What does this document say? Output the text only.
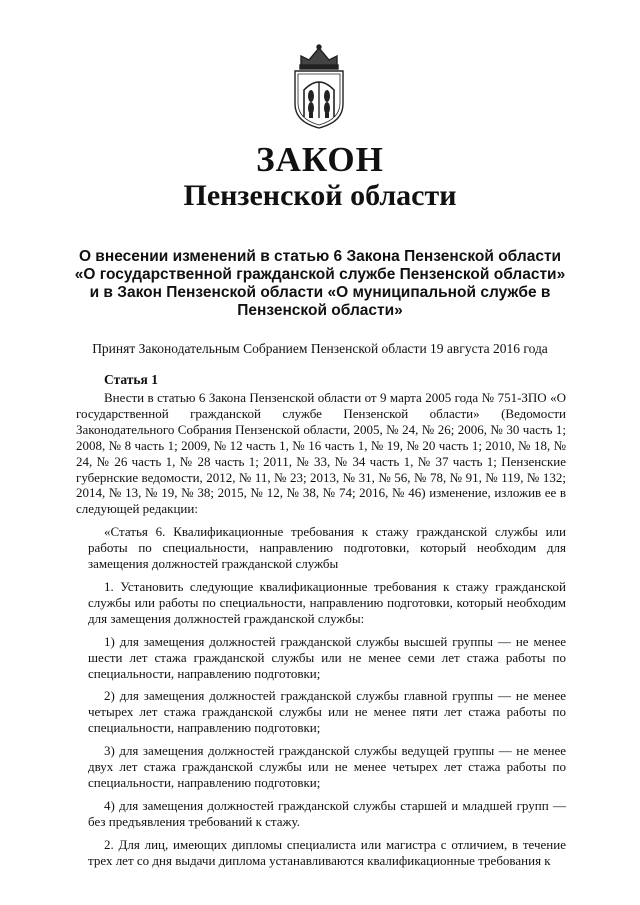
ЗАКОН
Пензенской области
О внесении изменений в статью 6 Закона Пензенской области
«О государственной гражданской службе Пензенской области»
и в Закон Пензенской области «О муниципальной службе в
Пензенской области»

Принят Законодательным Собранием Пензенской области 19 августа 2016 года

Статья 1

Внести в статью 6 Закона Пензенской области от 9 марта 2005 года № 751-ЗПО «О государственной гражданской службе Пензенской области» (Ведомости Законодательного Собрания Пензенской области, 2005, № 24, № 26; 2006, № 30 часть 1; 2008, № 8 часть 1; 2009, № 12 часть 1, № 16 часть 1, № 19, № 20 часть 1; 2010, № 18, № 24, № 26 часть 1, № 28 часть 1; 2011, № 33, № 34 часть 1, № 37 часть 1; Пензенские губернские ведомости, 2012, № 11, № 23; 2013, № 31, № 56, № 78, № 91, № 119, № 132; 2014, № 13, № 19, № 38; 2015, № 12, № 38, № 74; 2016, № 46) изменение, изложив ее в следующей редакции:

«Статья 6. Квалификационные требования к стажу гражданской службы или работы по специальности, направлению подготовки, который необходим для замещения должностей гражданской службы

1. Установить следующие квалификационные требования к стажу гражданской службы или работы по специальности, направлению подготовки, который необходим для замещения должностей гражданской службы:

1) для замещения должностей гражданской службы высшей группы — не менее шести лет стажа гражданской службы или не менее семи лет стажа работы по специальности, направлению подготовки;

2) для замещения должностей гражданской службы главной группы — не менее четырех лет стажа гражданской службы или не менее пяти лет стажа работы по специальности, направлению подготовки;

3) для замещения должностей гражданской службы ведущей группы — не менее двух лет стажа гражданской службы или не менее четырех лет стажа работы по специальности, направлению подготовки;

4) для замещения должностей гражданской службы старшей и младшей групп — без предъявления требований к стажу.

2. Для лиц, имеющих дипломы специалиста или магистра с отличием, в течение трех лет со дня выдачи диплома устанавливаются квалификационные требования к
